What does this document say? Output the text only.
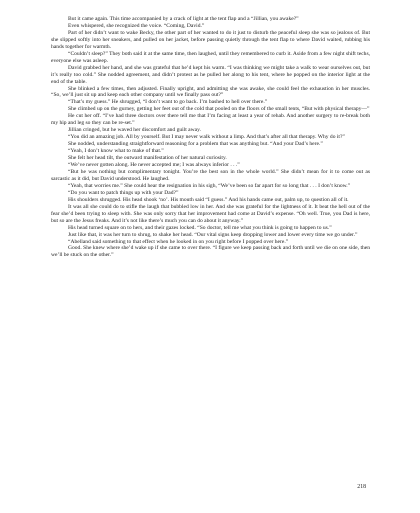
But it came again. This time accompanied by a crack of light at the tent flap and a “Jillian, you awake?”

Even whispered, she recognized the voice. “Coming, David.”

Part of her didn’t want to wake Becky, the other part of her wanted to do it just to disturb the peaceful sleep she was so jealous of. But she slipped softly into her sneakers, and pulled on her jacket, before passing quietly through the tent flap to where David waited, rubbing his hands together for warmth.

“Couldn’t sleep?” They both said it at the same time, then laughed, until they remembered to curb it. Aside from a few night shift techs, everyone else was asleep.

David grabbed her hand, and she was grateful that he’d kept his warm. “I was thinking we might take a walk to wear ourselves out, but it’s really too cold.” She nodded agreement, and didn’t protest as he pulled her along to his tent, where he popped on the interior light at the end of the table.

She blinked a few times, then adjusted. Finally upright, and admitting she was awake, she could feel the exhaustion in her muscles. “So, we’ll just sit up and keep each other company until we finally pass out?”

“That’s my guess.” He shrugged, “I don’t want to go back. I’m bashed to hell over there.”

She climbed up on the gurney, getting her feet out of the cold that pooled on the floors of the small tents, “But with physical therapy—”

He cut her off. “I’ve had three doctors over there tell me that I’m facing at least a year of rehab. And another surgery to re-break both my hip and leg so they can be re-set.”

Jillian cringed, but he waved her discomfort and guilt away.

“You did an amazing job. All by yourself. But I may never walk without a limp. And that’s after all that therapy. Why do it?”

She nodded, understanding straightforward reasoning for a problem that was anything but. “And your Dad’s here.”

“Yeah, I don’t know what to make of that.”

She felt her head tilt, the outward manifestation of her natural curiosity.

“We’ve never gotten along. He never accepted me; I was always inferior . . .”

“But he was nothing but complimentary tonight. You’re the best son in the whole world.” She didn’t mean for it to come out as sarcastic as it did, but David understood. He laughed.

“Yeah, that worries me.” She could hear the resignation in his sigh, “We’ve been so far apart for so long that . . . I don’t know.”

“Do you want to patch things up with your Dad?”

His shoulders shrugged. His head shook ‘no’. His mouth said “I guess.” And his hands came out, palm up, to question all of it.

It was all she could do to stifle the laugh that bubbled low in her. And she was grateful for the lightness of it. It beat the hell out of the fear she’d been trying to sleep with. She was only sorry that her improvement had come at David’s expense. “Oh well. True, you Dad is here, but so are the Jesus freaks. And it’s not like there’s much you can do about it anyway.”

His head turned square on to hers, and their gazes locked. “So doctor, tell me what you think is going to happen to us.”

Just like that, it was her turn to shrug, to shake her head. “Our vital signs keep dropping lower and lower every time we go under.”

“Abelland said something to that effect when he looked in on you right before I popped over here.”

Good. She knew where she’d wake up if she came to over there. “I figure we keep passing back and forth until we die on one side, then we’ll be stuck on the other.”

218
